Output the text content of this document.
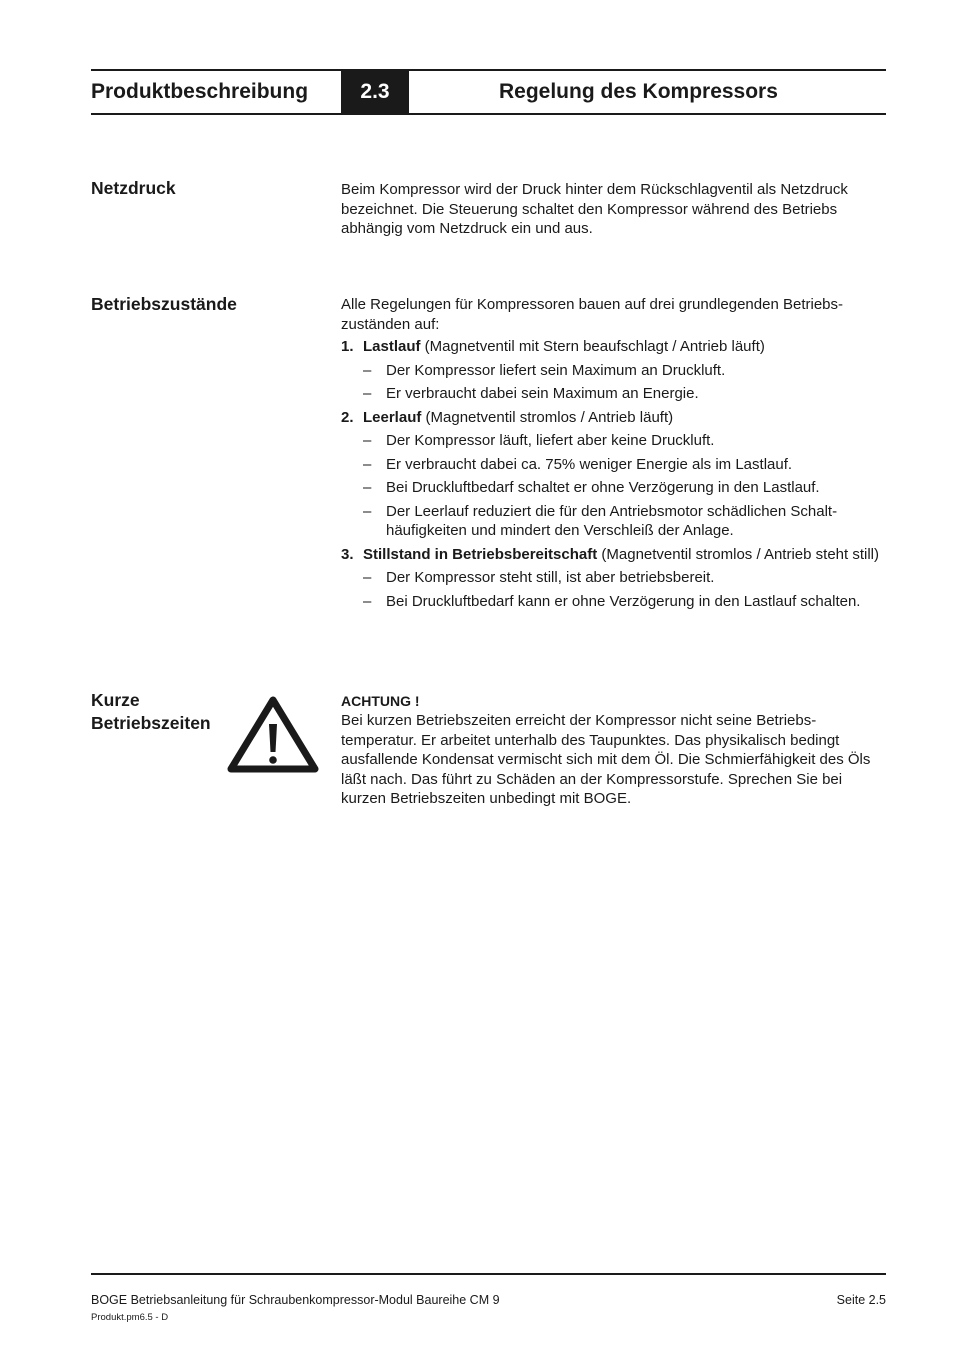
Produktbeschreibung	2.3	Regelung des Kompressors
Netzdruck	Beim Kompressor wird der Druck hinter dem Rückschlagventil als Netzdruck bezeichnet. Die Steuerung schaltet den Kompressor während des Betriebs abhängig vom Netzdruck ein und aus.

Betriebszustände	Alle Regelungen für Kompressoren bauen auf drei grundlegenden Betriebs-zuständen auf:

1. Lastlauf (Magnetventil mit Stern beaufschlagt / Antrieb läuft)
– Der Kompressor liefert sein Maximum an Druckluft.
– Er verbraucht dabei sein Maximum an Energie.
2. Leerlauf (Magnetventil stromlos / Antrieb läuft)
– Der Kompressor läuft, liefert aber keine Druckluft.
– Er verbraucht dabei ca. 75% weniger Energie als im Lastlauf.
– Bei Druckluftbedarf schaltet er ohne Verzögerung in den Lastlauf.
– Der Leerlauf reduziert die für den Antriebsmotor schädlichen Schalt-häufigkeiten und mindert den Verschleiß der Anlage.
3. Stillstand in Betriebsbereitschaft (Magnetventil stromlos / Antrieb steht still)
– Der Kompressor steht still, ist aber betriebsbereit.
– Bei Druckluftbedarf kann er ohne Verzögerung in den Lastlauf schalten.
Kurze
Betriebszeiten
ACHTUNG !

Bei kurzen Betriebszeiten erreicht der Kompressor nicht seine Betriebs-temperatur. Er arbeitet unterhalb des Taupunktes. Das physikalisch bedingt ausfallende Kondensat vermischt sich mit dem Öl. Die Schmierfähigkeit des Öls läßt nach. Das führt zu Schäden an der Kompressorstufe. Sprechen Sie bei kurzen Betriebszeiten unbedingt mit BOGE.

BOGE Betriebsanleitung für Schraubenkompressor-Modul Baureihe CM 9	Seite 2.5
Produkt.pm6.5 - D
